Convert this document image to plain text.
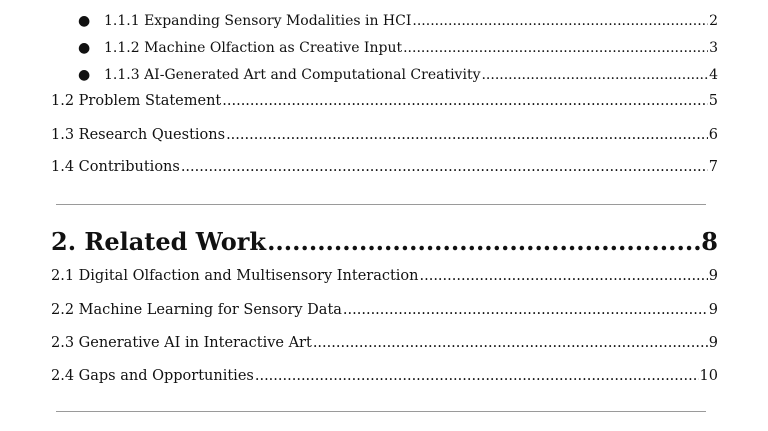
● 1.1.1 Expanding Sensory Modalities in HCI .....	2
● 1.1.2 Machine Olfaction as Creative Input .....	3
● 1.1.3 AI-Generated Art and Computational Creativity .....	4
1.2 Problem Statement .....	5
1.3 Research Questions .....	6
1.4 Contributions .....	7
2. Related Work .....	8
2.1 Digital Olfaction and Multisensory Interaction .....	9
2.2 Machine Learning for Sensory Data .....	9
2.3 Generative AI in Interactive Art .....	9
2.4 Gaps and Opportunities .....	10
